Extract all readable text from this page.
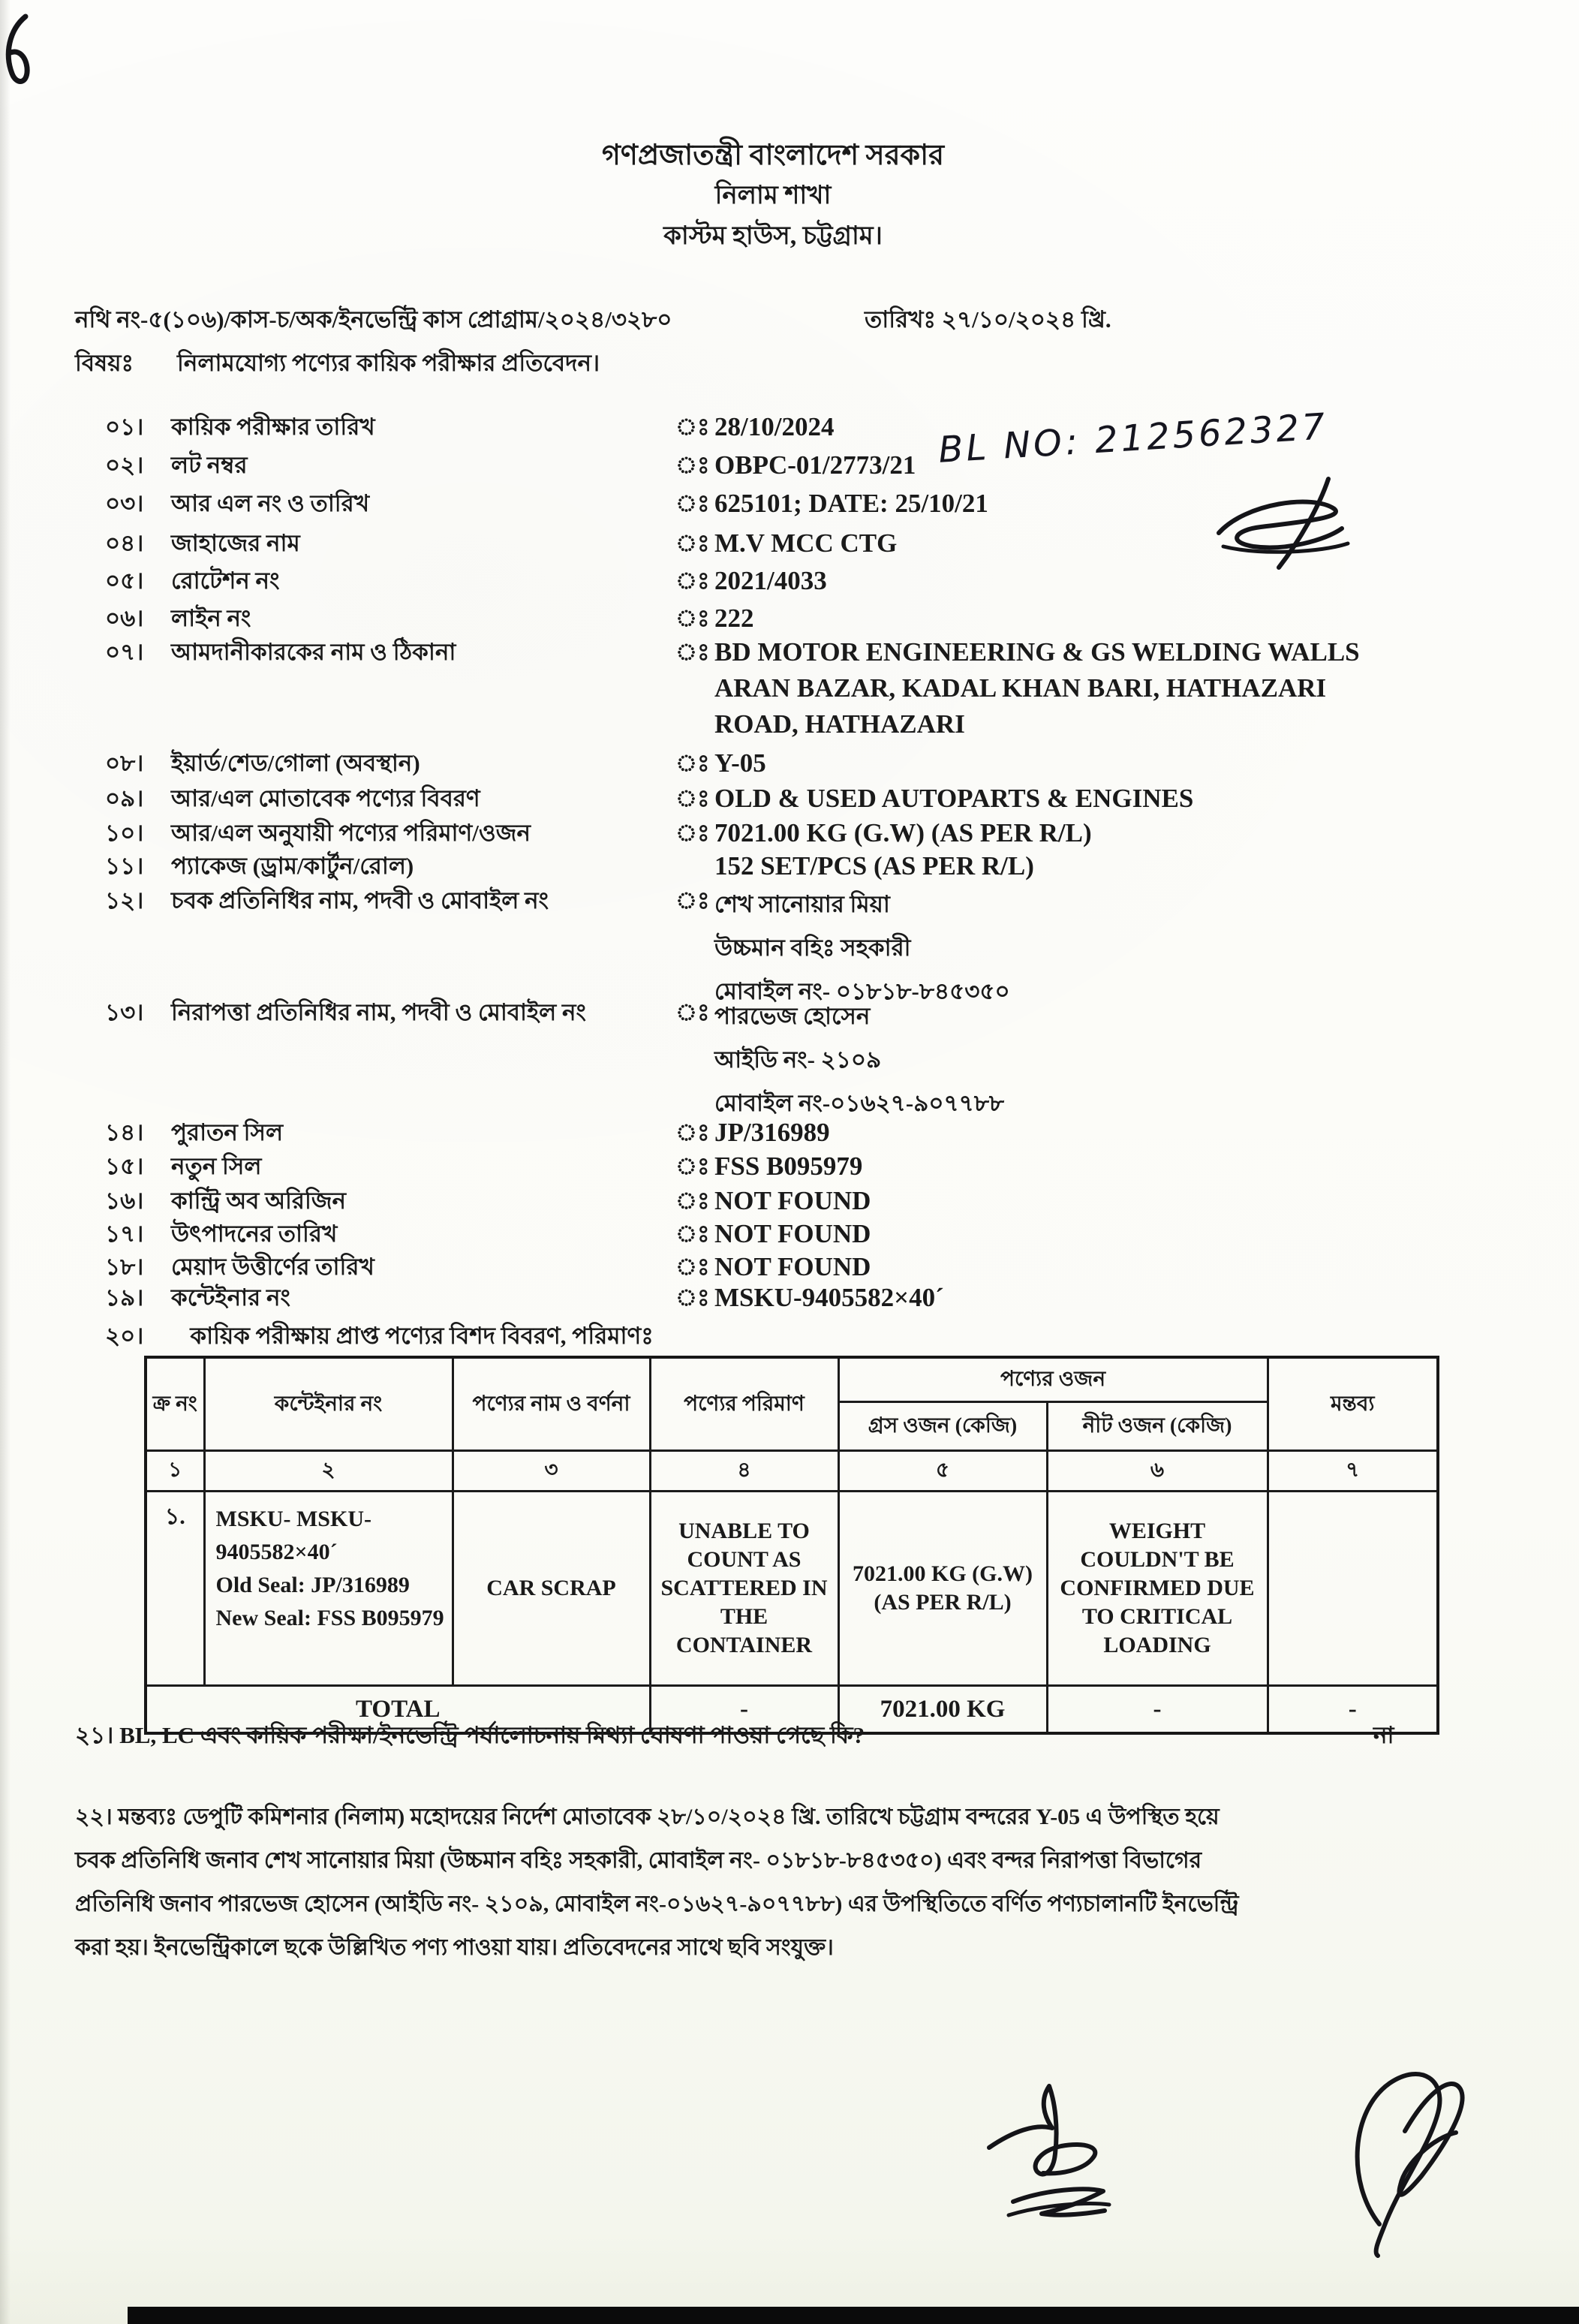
গণপ্রজাতন্ত্রী বাংলাদেশ সরকার
নিলাম শাখা
কাস্টম হাউস, চট্টগ্রাম।
নথি নং-৫(১০৬)/কাস-চ/অক/ইনভেন্ট্রি কাস প্রোগ্রাম/২০২৪/৩২৮০	তারিখঃ ২৭/১০/২০২৪ খ্রি.
বিষয়ঃ নিলামযোগ্য পণ্যের কায়িক পরীক্ষার প্রতিবেদন।
BL NO: 212562327
০১।	কায়িক পরীক্ষার তারিখ	ঃ 28/10/2024
০২।	লট নম্বর	ঃ OBPC-01/2773/21
০৩।	আর এল নং ও তারিখ	ঃ 625101; DATE: 25/10/21
০৪।	জাহাজের নাম	ঃ M.V MCC CTG
০৫।	রোটেশন নং	ঃ 2021/4033
০৬।	লাইন নং	ঃ 222
০৭।	আমদানীকারকের নাম ও ঠিকানা	ঃ BD MOTOR ENGINEERING & GS WELDING WALLS
ARAN BAZAR, KADAL KHAN BARI, HATHAZARI
ROAD, HATHAZARI
০৮।	ইয়ার্ড/শেড/গোলা (অবস্থান)	ঃ Y-05
০৯।	আর/এল মোতাবেক পণ্যের বিবরণ	ঃ OLD & USED AUTOPARTS & ENGINES
১০।	আর/এল অনুযায়ী পণ্যের পরিমাণ/ওজন	ঃ 7021.00 KG (G.W) (AS PER R/L)
১১।	প্যাকেজ (ড্রাম/কার্টুন/রোল)	152 SET/PCS (AS PER R/L)
১২।	চবক প্রতিনিধির নাম, পদবী ও মোবাইল নং	ঃ শেখ সানোয়ার মিয়া
উচ্চমান বহিঃ সহকারী
মোবাইল নং- ০১৮১৮-৮৪৫৩৫০
১৩।	নিরাপত্তা প্রতিনিধির নাম, পদবী ও মোবাইল নং	ঃ পারভেজ হোসেন
আইডি নং- ২১০৯
মোবাইল নং-০১৬২৭-৯০৭৭৮৮
১৪।	পুরাতন সিল	ঃ JP/316989
১৫।	নতুন সিল	ঃ FSS B095979
১৬।	কান্ট্রি অব অরিজিন	ঃ NOT FOUND
১৭।	উৎপাদনের তারিখ	ঃ NOT FOUND
১৮।	মেয়াদ উত্তীর্ণের তারিখ	ঃ NOT FOUND
১৯।	কন্টেইনার নং	ঃ MSKU-9405582×40´
২০। কায়িক পরীক্ষায় প্রাপ্ত পণ্যের বিশদ বিবরণ, পরিমাণঃ
ক্র নং	কন্টেইনার নং	পণ্যের নাম ও বর্ণনা	পণ্যের পরিমাণ	পণ্যের ওজন		মন্তব্য
				গ্রস ওজন (কেজি)	নীট ওজন (কেজি)	
১	২	৩	৪	৫	৬	৭
১.	MSKU- MSKU-9405582×40´
Old Seal: JP/316989
New Seal: FSS B095979	CAR SCRAP	UNABLE TO COUNT AS SCATTERED IN THE CONTAINER	7021.00 KG (G.W) (AS PER R/L)	WEIGHT COULDN'T BE CONFIRMED DUE TO CRITICAL LOADING	
TOTAL			-	7021.00 KG	-	-
২১। BL, LC এবং কায়িক পরীক্ষা/ইনভেন্ট্রি পর্যালোচনায় মিথ্যা ঘোষণা পাওয়া গেছে কি?	না
২২। মন্তব্যঃ ডেপুটি কমিশনার (নিলাম) মহোদয়ের নির্দেশ মোতাবেক ২৮/১০/২০২৪ খ্রি. তারিখে চট্টগ্রাম বন্দরের Y-05 এ উপস্থিত হয়ে
চবক প্রতিনিধি জনাব শেখ সানোয়ার মিয়া (উচ্চমান বহিঃ সহকারী, মোবাইল নং- ০১৮১৮-৮৪৫৩৫০) এবং বন্দর নিরাপত্তা বিভাগের
প্রতিনিধি জনাব পারভেজ হোসেন (আইডি নং- ২১০৯, মোবাইল নং-০১৬২৭-৯০৭৭৮৮) এর উপস্থিতিতে বর্ণিত পণ্যচালানটি ইনভেন্ট্রি
করা হয়। ইনভেন্ট্রিকালে ছকে উল্লিখিত পণ্য পাওয়া যায়। প্রতিবেদনের সাথে ছবি সংযুক্ত।
